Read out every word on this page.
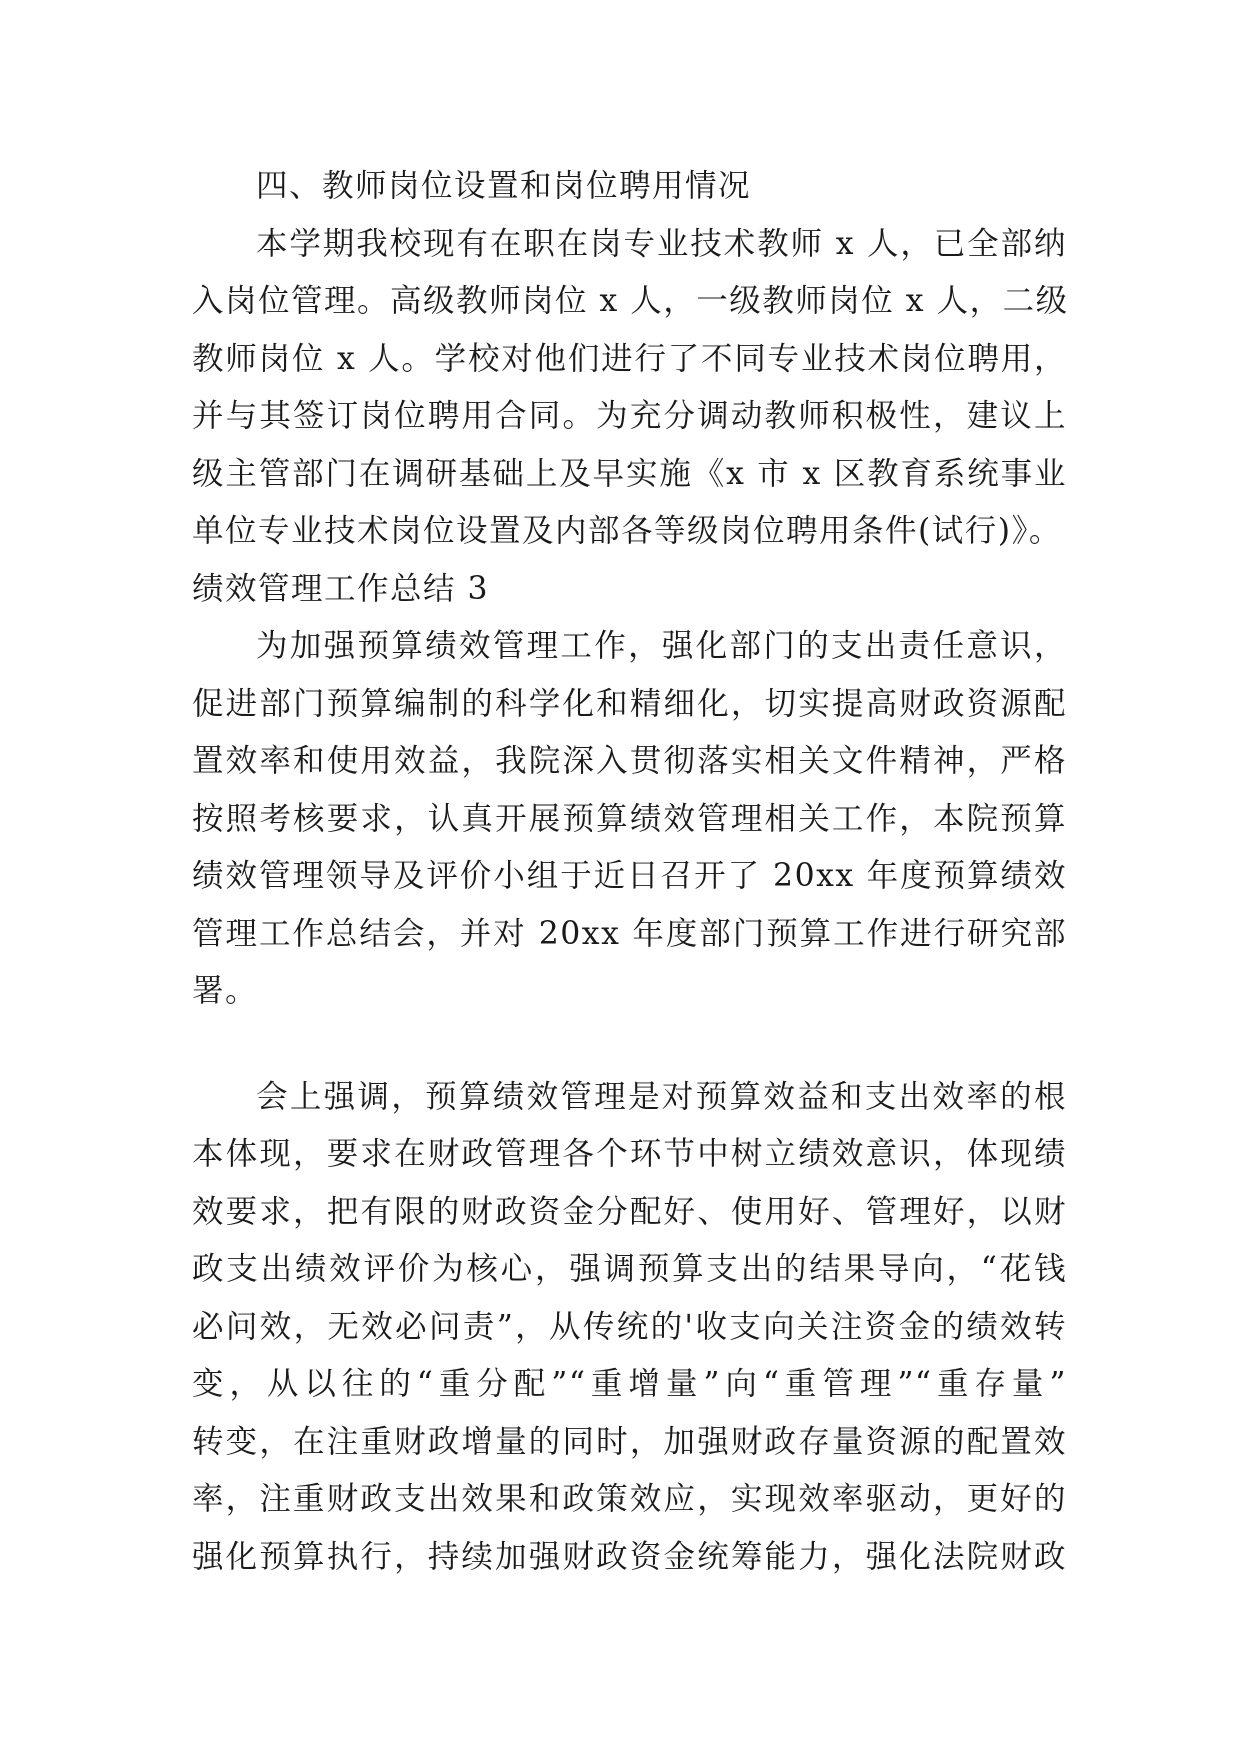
四、教师岗位设置和岗位聘用情况
本学期我校现有在职在岗专业技术教师 x 人，已全部纳
入岗位管理。高级教师岗位 x 人，一级教师岗位 x 人，二级
教师岗位 x 人。学校对他们进行了不同专业技术岗位聘用，
并与其签订岗位聘用合同。为充分调动教师积极性，建议上
级主管部门在调研基础上及早实施《x 市 x 区教育系统事业
单位专业技术岗位设置及内部各等级岗位聘用条件(试行)》。
绩效管理工作总结 3
为加强预算绩效管理工作，强化部门的支出责任意识，
促进部门预算编制的科学化和精细化，切实提高财政资源配
置效率和使用效益，我院深入贯彻落实相关文件精神，严格
按照考核要求，认真开展预算绩效管理相关工作，本院预算
绩效管理领导及评价小组于近日召开了 20xx 年度预算绩效
管理工作总结会，并对 20xx 年度部门预算工作进行研究部
署。
会上强调，预算绩效管理是对预算效益和支出效率的根
本体现，要求在财政管理各个环节中树立绩效意识，体现绩
效要求，把有限的财政资金分配好、使用好、管理好，以财
政支出绩效评价为核心，强调预算支出的结果导向，“花钱
必问效，无效必问责”，从传统的'收支向关注资金的绩效转
变，从以往的“重分配”“重增量”向“重管理”“重存量”
转变，在注重财政增量的同时，加强财政存量资源的配置效
率，注重财政支出效果和政策效应，实现效率驱动，更好的
强化预算执行，持续加强财政资金统筹能力，强化法院财政
